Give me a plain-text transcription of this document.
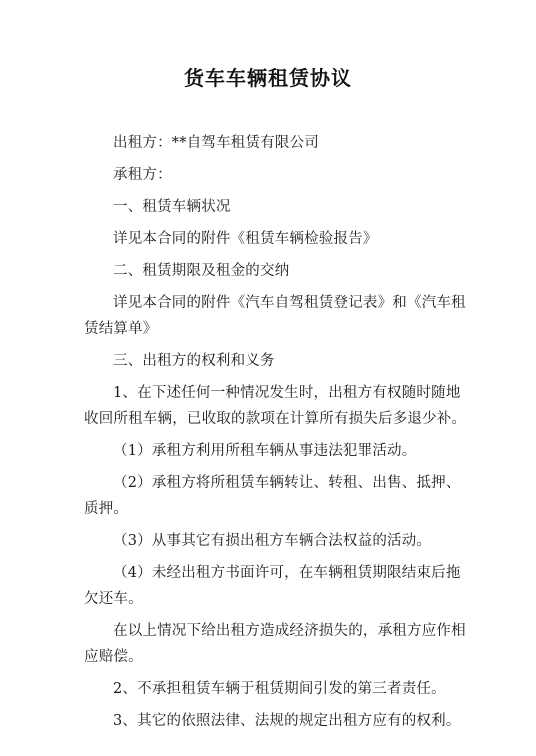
货车车辆租赁协议

出租方：**自驾车租赁有限公司

承租方：

一、租赁车辆状况

详见本合同的附件《租赁车辆检验报告》

二、租赁期限及租金的交纳

详见本合同的附件《汽车自驾租赁登记表》和《汽车租赁结算单》

三、出租方的权利和义务

1、在下述任何一种情况发生时，出租方有权随时随地收回所租车辆，已收取的款项在计算所有损失后多退少补。

（1）承租方利用所租车辆从事违法犯罪活动。

（2）承租方将所租赁车辆转让、转租、出售、抵押、质押。

（3）从事其它有损出租方车辆合法权益的活动。

（4）未经出租方书面许可，在车辆租赁期限结束后拖欠还车。

在以上情况下给出租方造成经济损失的，承租方应作相应赔偿。

2、不承担租赁车辆于租赁期间引发的第三者责任。

3、其它的依照法律、法规的规定出租方应有的权利。
